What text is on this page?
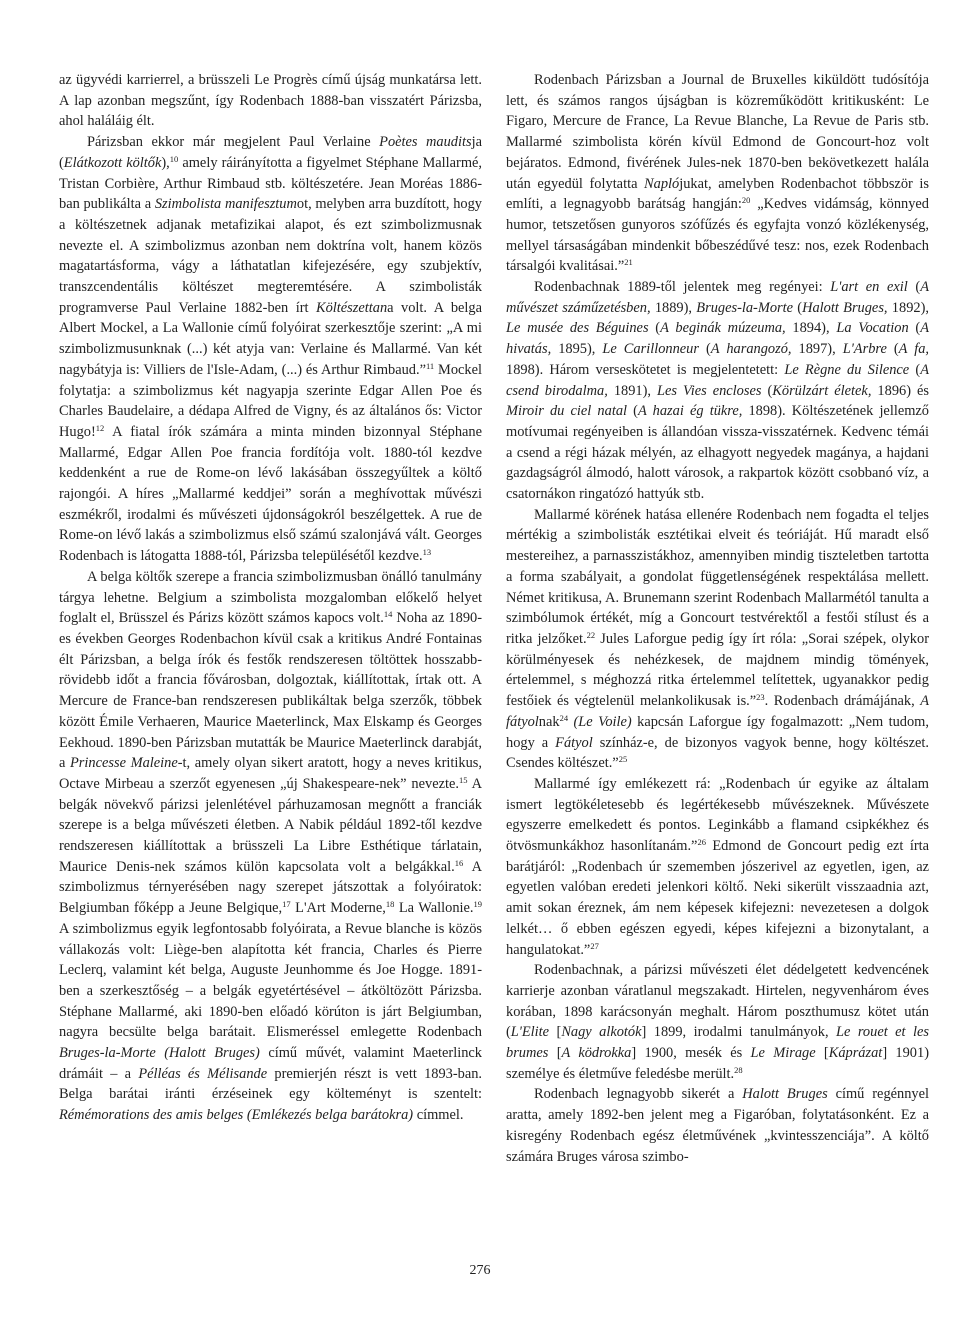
az ügyvédi karrierrel, a brüsszeli Le Progrès című újság munkatársa lett. A lap azonban megszűnt, így Rodenbach 1888-ban visszatért Párizsba, ahol haláláig élt.

Párizsban ekkor már megjelent Paul Verlaine Poètes mauditsja (Elátkozott költők),$^{10}$ amely ráirányította a figyelmet Stéphane Mallarmé, Tristan Corbière, Arthur Rimbaud stb. költészetére. Jean Moréas 1886-ban publikálta a Szimbolista manifesztumot, melyben arra buzdított, hogy a költészetnek adjanak metafizikai alapot, és ezt szimbolizmusnak nevezte el. A szimbolizmus azonban nem doktrína volt, hanem közös magatartásforma, vágy a láthatatlan kifejezésére, egy szubjektív, transzcendentális költészet megteremtésére. A szimbolisták programverse Paul Verlaine 1882-ben írt Költészettana volt. A belga Albert Mockel, a La Wallonie című folyóirat szerkesztője szerint: „A mi szimbolizmusunknak (...) két atyja van: Verlaine és Mallarmé. Van két nagybátyja is: Villiers de l'Isle-Adam, (...) és Arthur Rimbaud.”$^{11}$ Mockel folytatja: a szimbolizmus két nagyapja szerinte Edgar Allen Poe és Charles Baudelaire, a dédapa Alfred de Vigny, és az általános ős: Victor Hugo!$^{12}$ A fiatal írók számára a minta minden bizonnyal Stéphane Mallarmé, Edgar Allen Poe francia fordítója volt. 1880-tól kezdve keddenként a rue de Rome-on lévő lakásában összegyűltek a költő rajongói. A híres „Mallarmé keddjei” során a meghívottak művészi eszmékről, irodalmi és művészeti újdonságokról beszélgettek. A rue de Rome-on lévő lakás a szimbolizmus első számú szalonjává vált. Georges Rodenbach is látogatta 1888-tól, Párizsba településétől kezdve.$^{13}$

A belga költők szerepe a francia szimbolizmusban önálló tanulmány tárgya lehetne. Belgium a szimbolista mozgalomban előkelő helyet foglalt el, Brüsszel és Párizs között számos kapocs volt.$^{14}$ Noha az 1890-es években Georges Rodenbachon kívül csak a kritikus André Fontainas élt Párizsban, a belga írók és festők rendszeresen töltöttek hosszabb-rövidebb időt a francia fővárosban, dolgoztak, kiállítottak, írtak ott. A Mercure de France-ban rendszeresen publikáltak belga szerzők, többek között Émile Verhaeren, Maurice Maeterlinck, Max Elskamp és Georges Eekhoud. 1890-ben Párizsban mutatták be Maurice Maeterlinck darabját, a Princesse Maleine-t, amely olyan sikert aratott, hogy a neves kritikus, Octave Mirbeau a szerzőt egyenesen „új Shakespeare-nek” nevezte.$^{15}$ A belgák növekvő párizsi jelenlétével párhuzamosan megnőtt a franciák szerepe is a belga művészeti életben. A Nabik például 1892-től kezdve rendszeresen kiállítottak a brüsszeli La Libre Esthétique tárlatain, Maurice Denis-nek számos külön kapcsolata volt a belgákkal.$^{16}$ A szimbolizmus térnyerésében nagy szerepet játszottak a folyóiratok: Belgiumban főképp a Jeune Belgique,$^{17}$ L'Art Moderne,$^{18}$ La Wallonie.$^{19}$ A szimbolizmus egyik legfontosabb folyóirata, a Revue blanche is közös vállakozás volt: Liège-ben alapította két francia, Charles és Pierre Leclerq, valamint két belga, Auguste Jeunhomme és Joe Hogge. 1891-ben a szerkesztőség – a belgák egyetértésével – átköltözött Párizsba. Stéphane Mallarmé, aki 1890-ben előadó körúton is járt Belgiumban, nagyra becsülte belga barátait. Elismeréssel emlegette Rodenbach Bruges-la-Morte (Halott Bruges) című művét, valamint Maeterlinck drámáit – a Pélléas és Mélisande premierjén részt is vett 1893-ban. Belga barátai iránti érzéseinek egy költeményt is szentelt: Rémémorations des amis belges (Emlékezés belga barátokra) címmel.

Rodenbach Párizsban a Journal de Bruxelles kiküldött tudósítója lett, és számos rangos újságban is közreműködött kritikusként: Le Figaro, Mercure de France, La Revue Blanche, La Revue de Paris stb. Mallarmé szimbolista körén kívül Edmond de Goncourt-hoz volt bejáratos. Edmond, fivérének Jules-nek 1870-ben bekövetkezett halála után egyedül folytatta Naplójukat, amelyben Rodenbachot többször is említi, a legnagyobb barátság hangján:$^{20}$ „Kedves vidámság, könnyed humor, tetszetősen gunyoros szófűzés és egyfajta vonzó közlékenység, mellyel társaságában mindenkit bőbeszédűvé tesz: nos, ezek Rodenbach társalgói kvalitásai.”$^{21}$

Rodenbachnak 1889-től jelentek meg regényei: L'art en exil (A művészet száműzetésben, 1889), Bruges-la-Morte (Halott Bruges, 1892), Le musée des Béguines (A beginák múzeuma, 1894), La Vocation (A hivatás, 1895), Le Carillonneur (A harangozó, 1897), L'Arbre (A fa, 1898). Három verseskötetet is megjelentetett: Le Règne du Silence (A csend birodalma, 1891), Les Vies encloses (Körülzárt életek, 1896) és Miroir du ciel natal (A hazai ég tükre, 1898). Költészetének jellemző motívumai regényeiben is állandóan vissza-visszatérnek. Kedvenc témái a csend a régi házak mélyén, az elhagyott negyedek magánya, a hajdani gazdagságról álmodó, halott városok, a rakpartok között csobbanó víz, a csatornákon ringatózó hattyúk stb.

Mallarmé körének hatása ellenére Rodenbach nem fogadta el teljes mértékig a szimbolisták esztétikai elveit és teóriáját. Hű maradt első mestereihez, a parnasszistákhoz, amennyiben mindig tiszteletben tartotta a forma szabályait, a gondolat függetlenségének respektálása mellett. Német kritikusa, A. Brunemann szerint Rodenbach Mallarmétól tanulta a szimbólumok értékét, míg a Goncourt testvérektől a festői stílust és a ritka jelzőket.$^{22}$ Jules Laforgue pedig így írt róla: „Sorai szépek, olykor körülményesek és nehézkesek, de majdnem mindig tömények, értelemmel, s méghozzá ritka értelemmel telítettek, ugyanakkor pedig festőiek és végtelenül melankolikusak is.”$^{23}$. Rodenbach drámájának, A fátyolnak$^{24}$ (Le Voile) kapcsán Laforgue így fogalmazott: „Nem tudom, hogy a Fátyol színház-e, de bizonyos vagyok benne, hogy költészet. Csendes költészet.”$^{25}$

Mallarmé így emlékezett rá: „Rodenbach úr egyike az általam ismert legtökéletesebb és legértékesebb művészeknek. Művészete egyszerre emelkedett és pontos. Leginkább a flamand csipkékhez és ötvösmunkákhoz hasonlítanám.”$^{26}$ Edmond de Goncourt pedig ezt írta barátjáról: „Rodenbach úr szememben jószerivel az egyetlen, igen, az egyetlen valóban eredeti jelenkori költő. Neki sikerült visszaadnia azt, amit sokan éreznek, ám nem képesek kifejezni: nevezetesen a dolgok lelkét… ő ebben egészen egyedi, képes kifejezni a bizonytalant, a hangulatokat.”$^{27}$

Rodenbachnak, a párizsi művészeti élet dédelgetett kedvencének karrierje azonban váratlanul megszakadt. Hirtelen, negyvenhárom éves korában, 1898 karácsonyán meghalt. Három poszthumusz kötet után (L'Elite [Nagy alkotók] 1899, irodalmi tanulmányok, Le rouet et les brumes [A ködrokka] 1900, mesék és Le Mirage [Káprázat] 1901) személye és életműve feledésbe merült.$^{28}$

Rodenbach legnagyobb sikerét a Halott Bruges című regénnyel aratta, amely 1892-ben jelent meg a Figaróban, folytatásonként. Ez a kisregény Rodenbach egész életművének „kvintesszenciája”. A költő számára Bruges városa szimbo-

276
